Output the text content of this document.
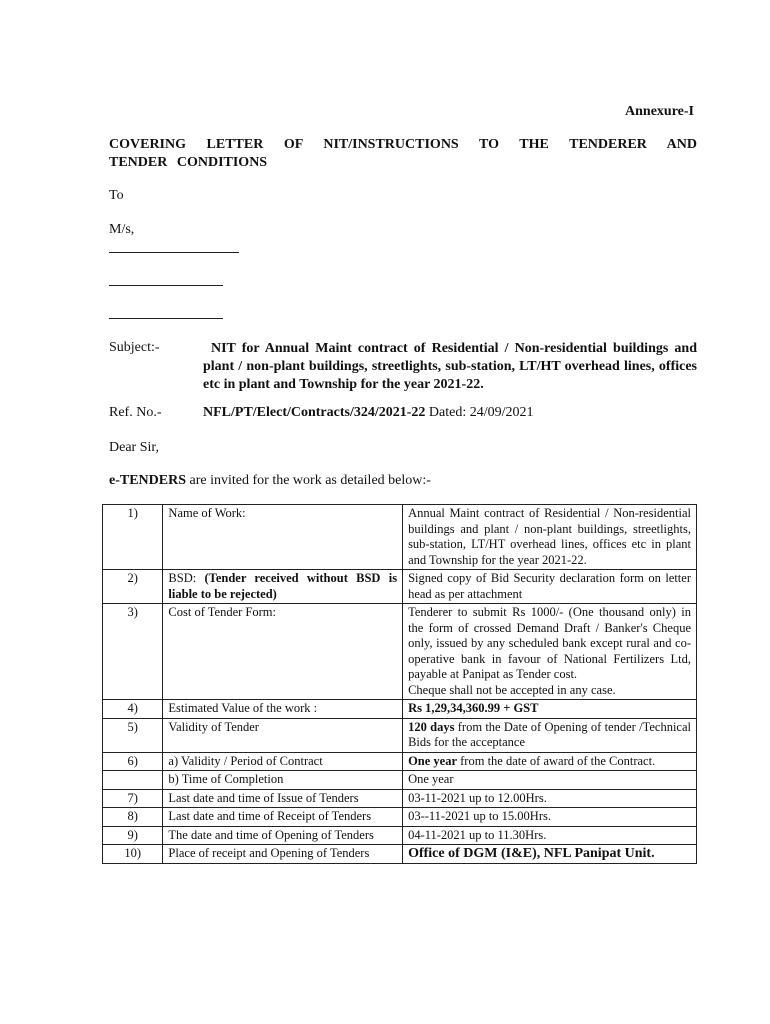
Annexure-I
COVERING LETTER OF NIT/INSTRUCTIONS TO THE TENDERER AND
TENDER CONDITIONS
To
M/s,
Subject:-	NIT for Annual Maint contract of Residential / Non-residential buildings and plant / non-plant buildings, streetlights, sub-station, LT/HT overhead lines, offices etc in plant and Township for the year 2021-22.
Ref. No.-	NFL/PT/Elect/Contracts/324/2021-22 Dated: 24/09/2021
Dear Sir,
e-TENDERS are invited for the work as detailed below:-
1)	Name of Work:	Annual Maint contract of Residential / Non-residential buildings and plant / non-plant buildings, streetlights, sub-station, LT/HT overhead lines, offices etc in plant and Township for the year 2021-22.
2)	BSD: (Tender received without BSD is liable to be rejected)	Signed copy of Bid Security declaration form on letter head as per attachment
3)	Cost of Tender Form:	Tenderer to submit Rs 1000/- (One thousand only) in the form of crossed Demand Draft / Banker's Cheque only, issued by any scheduled bank except rural and co-operative bank in favour of National Fertilizers Ltd, payable at Panipat as Tender cost.
Cheque shall not be accepted in any case.

4)	Estimated Value of the work :	Rs 1,29,34,360.99 + GST
5)	Validity of Tender	120 days from the Date of Opening of tender /Technical Bids for the acceptance
6)	a) Validity / Period of Contract	One year from the date of award of the Contract.
	b) Time of Completion	One year
7)	Last date and time of Issue of Tenders	03-11-2021 up to 12.00Hrs.
8)	Last date and time of Receipt of Tenders	03--11-2021 up to 15.00Hrs.
9)	The date and time of Opening of Tenders	04-11-2021 up to 11.30Hrs.
10)	Place of receipt and Opening of Tenders	Office of DGM (I&E), NFL Panipat Unit.
